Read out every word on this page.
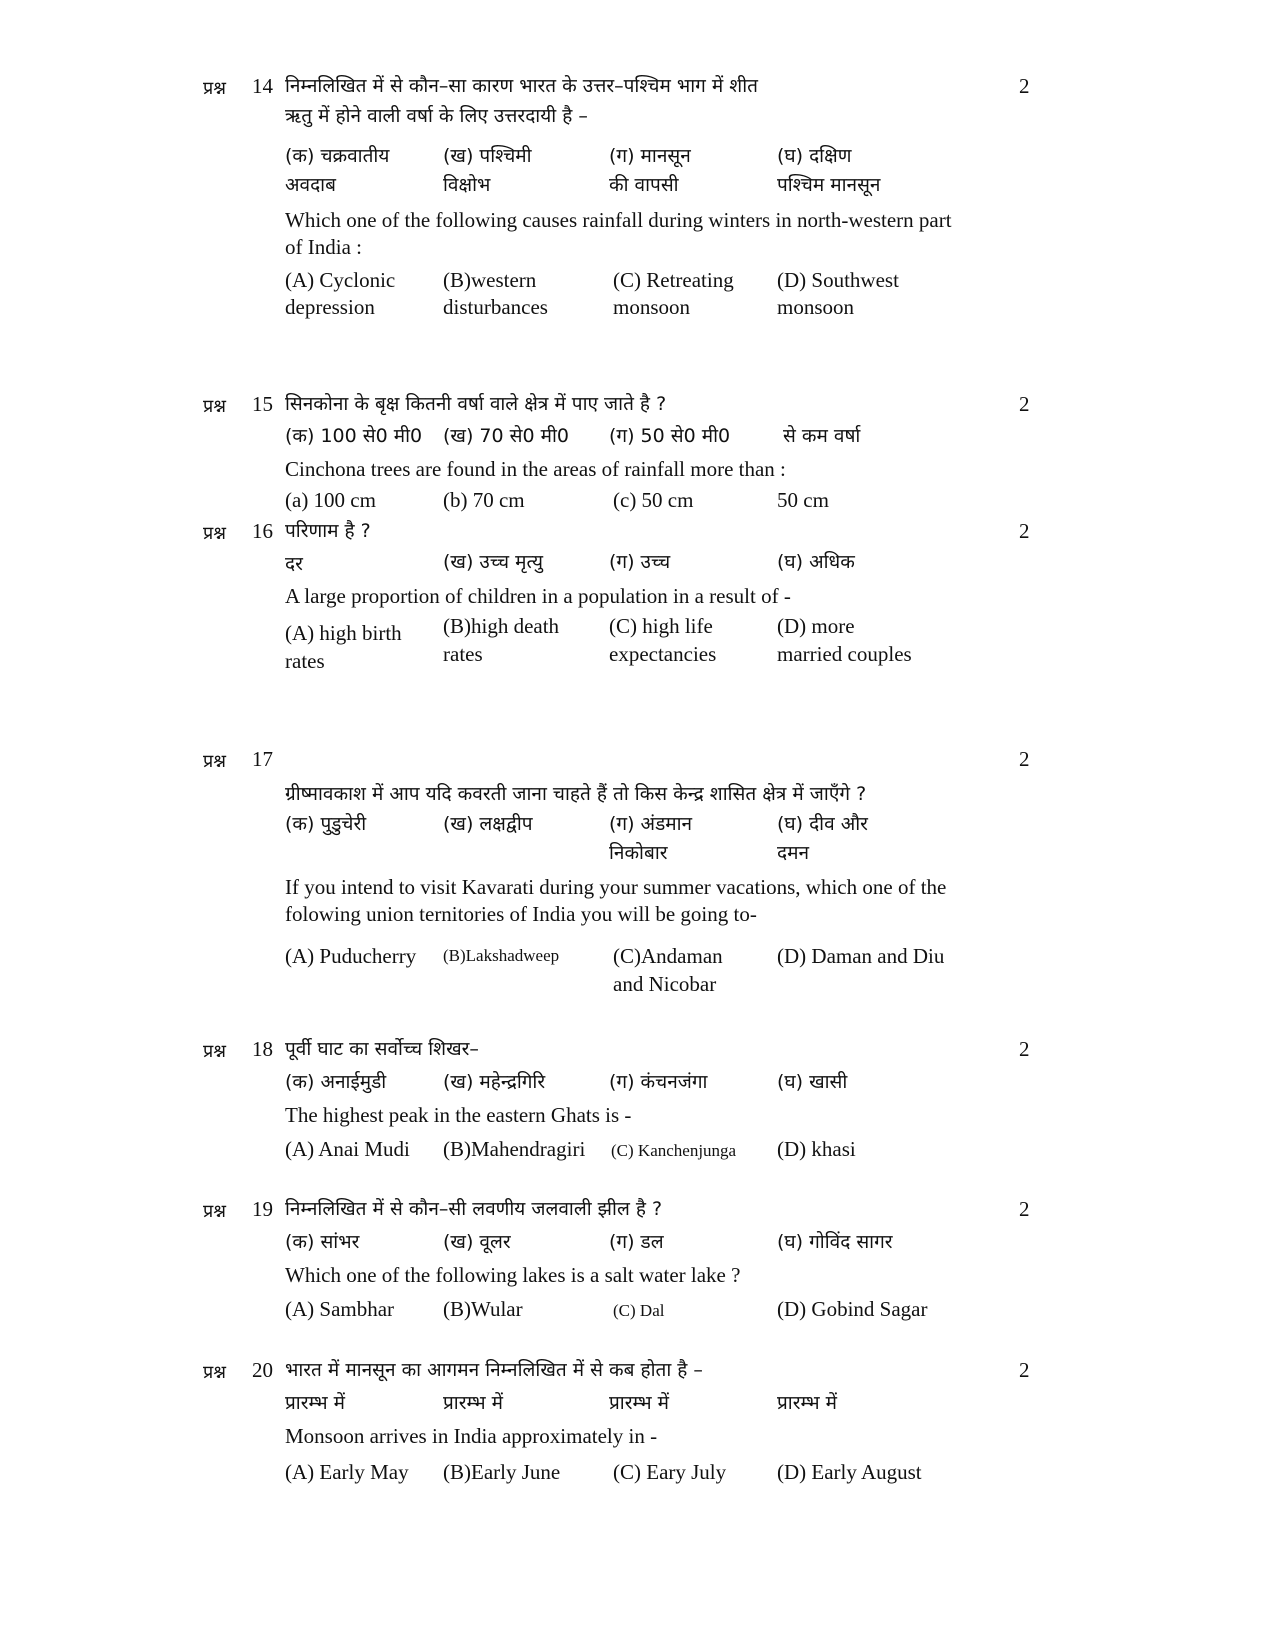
प्रश्न 14	2
निम्नलिखित में से कौन–सा कारण भारत के उत्तर–पश्चिम भाग में शीत
ऋतु में होने वाली वर्षा के लिए उत्तरदायी है –
(क) चक्रवातीय
अवदाब
(ख) पश्चिमी
विक्षोभ
(ग) मानसून
की वापसी
(घ) दक्षिण
पश्चिम मानसून
Which one of the following causes rainfall during winters in north-western part
of India :
(A) Cyclonic
depression
(B)western
disturbances
(C) Retreating
monsoon
(D) Southwest
monsoon
प्रश्न 15	2
सिनकोना के बृक्ष कितनी वर्षा वाले क्षेत्र में पाए जाते है ?
(क) 100 से0 मी0 (ख) 70 से0 मी0 (ग) 50 से0 मी0	से कम वर्षा
Cinchona trees are found in the areas of rainfall more than :
(a) 100 cm	(b) 70 cm	(c) 50 cm	50 cm
प्रश्न 16	2
परिणाम है ?
दर	(ख) उच्च मृत्यु	(ग) उच्च	(घ) अधिक
A large proportion of children in a population in a result of -
(A) high birth
rates
(B)high death
rates
(C) high life
expectancies
(D) more
married couples
प्रश्न 17	2
ग्रीष्मावकाश में आप यदि कवरती जाना चाहते हैं तो किस केन्द्र शासित क्षेत्र में जाएँगे ?
(क) पुडुचेरी	(ख) लक्षद्वीप	(ग) अंडमान
निकोबार
(घ) दीव और
दमन
If you intend to visit Kavarati during your summer vacations, which one of the
folowing union ternitories of India you will be going to-
(A) Puducherry (B)Lakshadweep	(C)Andaman
and Nicobar
(D) Daman and Diu
प्रश्न 18	2
पूर्वी घाट का सर्वोच्च शिखर–
(क) अनाईमुडी	(ख) महेन्द्रगिरि	(ग) कंचनजंगा	(घ) खासी
The highest peak in the eastern Ghats is -
(A) Anai Mudi (B)Mahendragiri (C) Kanchenjunga (D) khasi
प्रश्न 19	2
निम्नलिखित में से कौन–सी लवणीय जलवाली झील है ?
(क) सांभर	(ख) वूलर	(ग) डल	(घ) गोविंद सागर
Which one of the following lakes is a salt water lake ?
(A) Sambhar (B)Wular	(C) Dal	(D) Gobind Sagar
प्रश्न 20	2
भारत में मानसून का आगमन निम्नलिखित में से कब होता है –
प्रारम्भ में	प्रारम्भ में	प्रारम्भ में	प्रारम्भ में
Monsoon arrives in India approximately in -
(A) Early May (B)Early June	(C) Eary July (D) Early August
